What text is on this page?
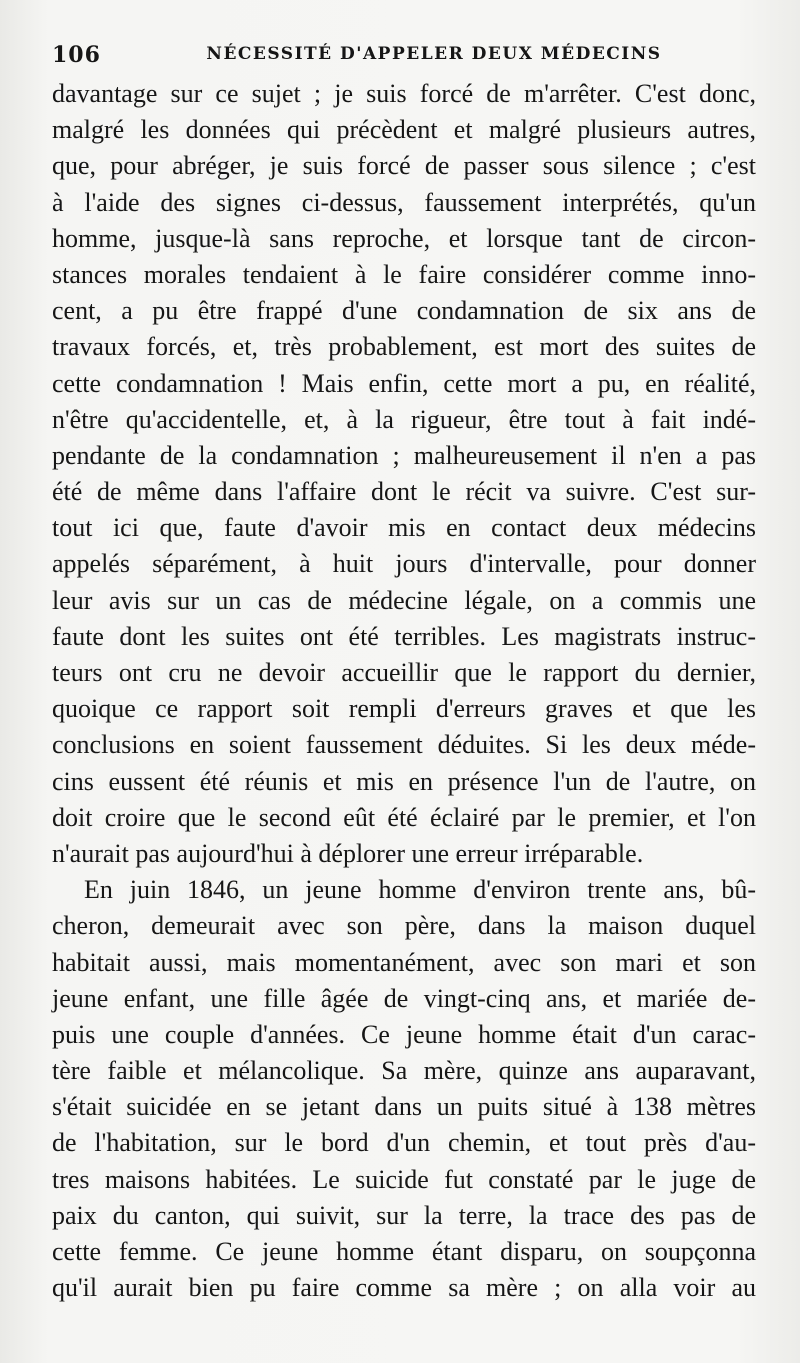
106	NÉCESSITÉ D'APPELER DEUX MÉDECINS
davantage sur ce sujet ; je suis forcé de m'arrêter. C'est donc,
malgré les données qui précèdent et malgré plusieurs autres,
que, pour abréger, je suis forcé de passer sous silence ; c'est
à l'aide des signes ci-dessus, faussement interprétés, qu'un
homme, jusque-là sans reproche, et lorsque tant de circon-
stances morales tendaient à le faire considérer comme inno-
cent, a pu être frappé d'une condamnation de six ans de
travaux forcés, et, très probablement, est mort des suites de
cette condamnation ! Mais enfin, cette mort a pu, en réalité,
n'être qu'accidentelle, et, à la rigueur, être tout à fait indé-
pendante de la condamnation ; malheureusement il n'en a pas
été de même dans l'affaire dont le récit va suivre. C'est sur-
tout ici que, faute d'avoir mis en contact deux médecins
appelés séparément, à huit jours d'intervalle, pour donner
leur avis sur un cas de médecine légale, on a commis une
faute dont les suites ont été terribles. Les magistrats instruc-
teurs ont cru ne devoir accueillir que le rapport du dernier,
quoique ce rapport soit rempli d'erreurs graves et que les
conclusions en soient faussement déduites. Si les deux méde-
cins eussent été réunis et mis en présence l'un de l'autre, on
doit croire que le second eût été éclairé par le premier, et l'on
n'aurait pas aujourd'hui à déplorer une erreur irréparable.
En juin 1846, un jeune homme d'environ trente ans, bû-
cheron, demeurait avec son père, dans la maison duquel
habitait aussi, mais momentanément, avec son mari et son
jeune enfant, une fille âgée de vingt-cinq ans, et mariée de-
puis une couple d'années. Ce jeune homme était d'un carac-
tère faible et mélancolique. Sa mère, quinze ans auparavant,
s'était suicidée en se jetant dans un puits situé à 138 mètres
de l'habitation, sur le bord d'un chemin, et tout près d'au-
tres maisons habitées. Le suicide fut constaté par le juge de
paix du canton, qui suivit, sur la terre, la trace des pas de
cette femme. Ce jeune homme étant disparu, on soupçonna
qu'il aurait bien pu faire comme sa mère ; on alla voir au
